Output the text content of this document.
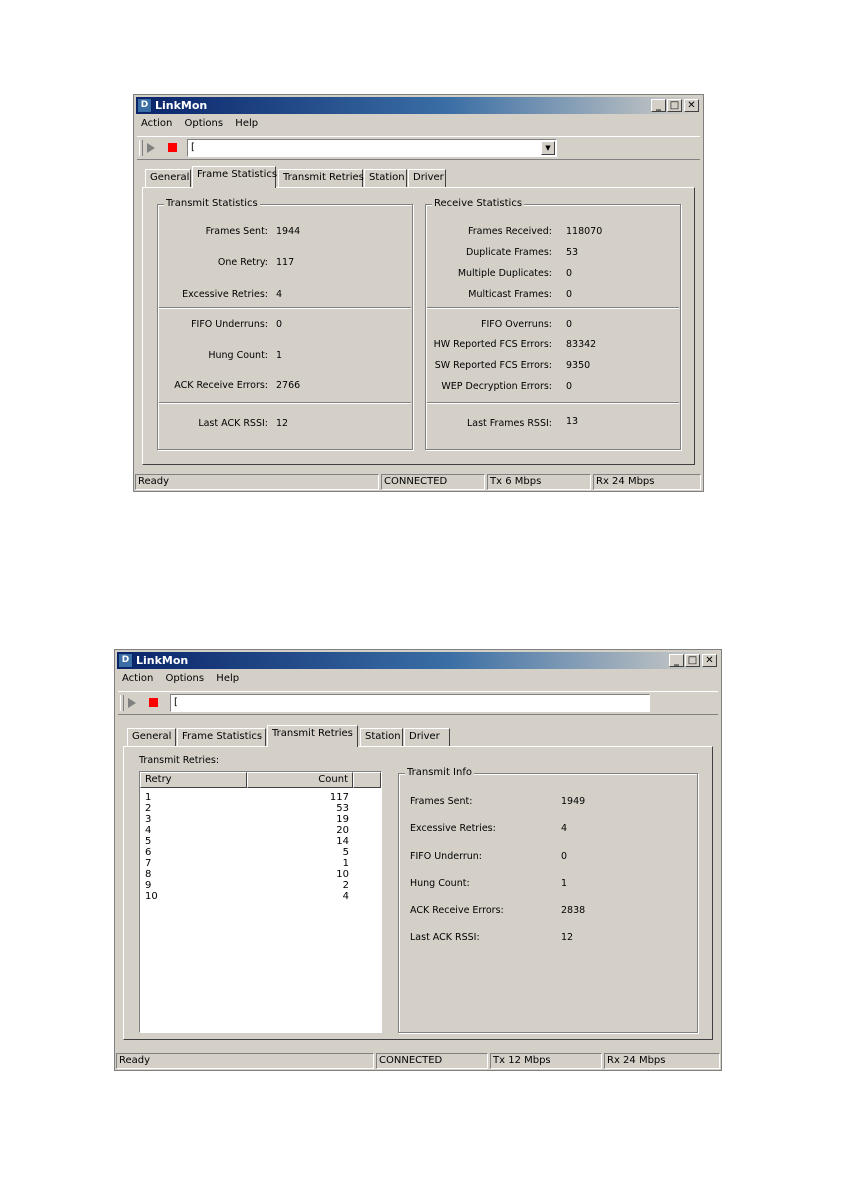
D LinkMon	_ □ ✕
Action Options Help
[	▼
General Frame Statistics Transmit Retries Station Driver
Transmit Statistics
Frames Sent: 1944
One Retry: 117
Excessive Retries: 4
FIFO Underruns: 0
Hung Count: 1
ACK Receive Errors: 2766
Last ACK RSSI: 12
Receive Statistics
Frames Received: 118070
Duplicate Frames: 53
Multiple Duplicates: 0
Multicast Frames: 0
FIFO Overruns: 0
HW Reported FCS Errors: 83342
SW Reported FCS Errors: 9350
WEP Decryption Errors: 0
Last Frames RSSI: 13
Ready	CONNECTED	Tx 6 Mbps	Rx 24 Mbps
D LinkMon	_ □ ✕
Action Options Help
[
General	Frame Statistics Transmit Retries	Station Driver
Transmit Retries:
Retry	Count
1	117
2	53
3	19
4	20
5	14
6	5
7	1
8	10
9	2
10	4
Transmit Info
Frames Sent:	1949
Excessive Retries:	4
FIFO Underrun:	0
Hung Count:	1
ACK Receive Errors:	2838
Last ACK RSSI:	12
Ready	CONNECTED	Tx 12 Mbps	Rx 24 Mbps
